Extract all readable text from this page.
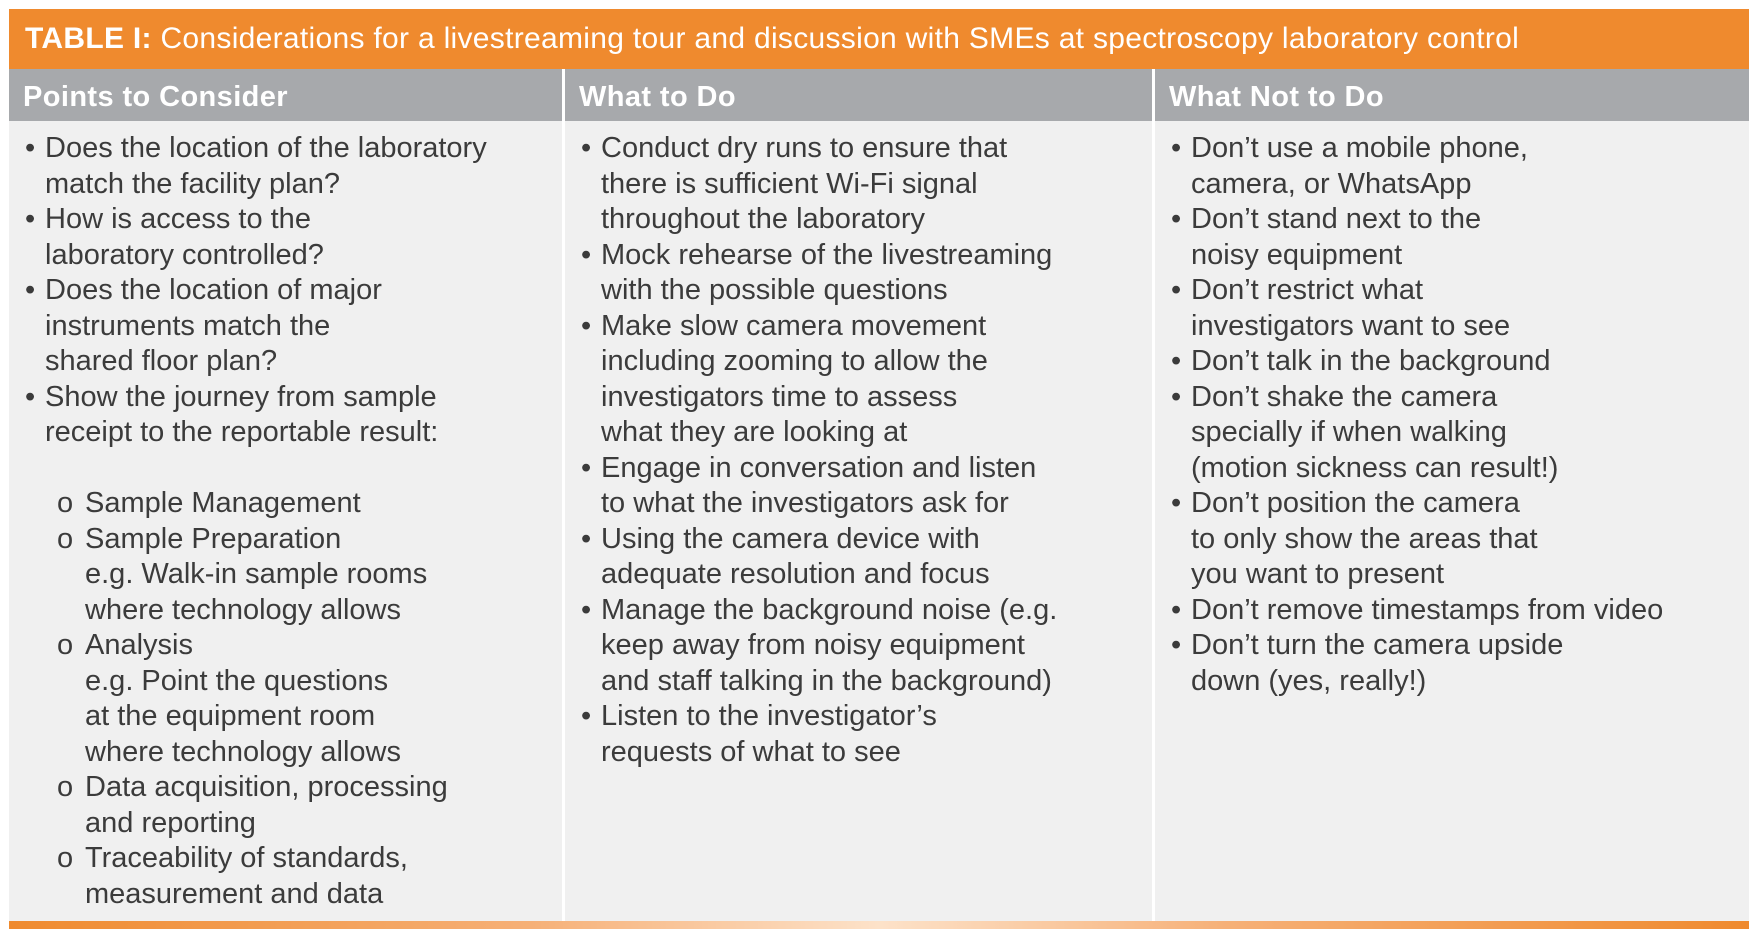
TABLE I: Considerations for a livestreaming tour and discussion with SMEs at spectroscopy laboratory control
Points to Consider
• Does the location of the laboratory
match the facility plan?
• How is access to the
laboratory controlled?
• Does the location of major
instruments match the
shared floor plan?
• Show the journey from sample
receipt to the reportable result:
o Sample Management
o Sample Preparation
e.g. Walk-in sample rooms
where technology allows
o Analysis
e.g. Point the questions
at the equipment room
where technology allows
o Data acquisition, processing
and reporting
o Traceability of standards,
measurement and data
What to Do
• Conduct dry runs to ensure that
there is sufficient Wi-Fi signal
throughout the laboratory
• Mock rehearse of the livestreaming
with the possible questions
• Make slow camera movement
including zooming to allow the
investigators time to assess
what they are looking at
• Engage in conversation and listen
to what the investigators ask for
• Using the camera device with
adequate resolution and focus
• Manage the background noise (e.g.
keep away from noisy equipment
and staff talking in the background)
• Listen to the investigator’s
requests of what to see
What Not to Do
• Don’t use a mobile phone,
camera, or WhatsApp
• Don’t stand next to the
noisy equipment
• Don’t restrict what
investigators want to see
• Don’t talk in the background
• Don’t shake the camera
specially if when walking
(motion sickness can result!)
• Don’t position the camera
to only show the areas that
you want to present
• Don’t remove timestamps from video
• Don’t turn the camera upside
down (yes, really!)
